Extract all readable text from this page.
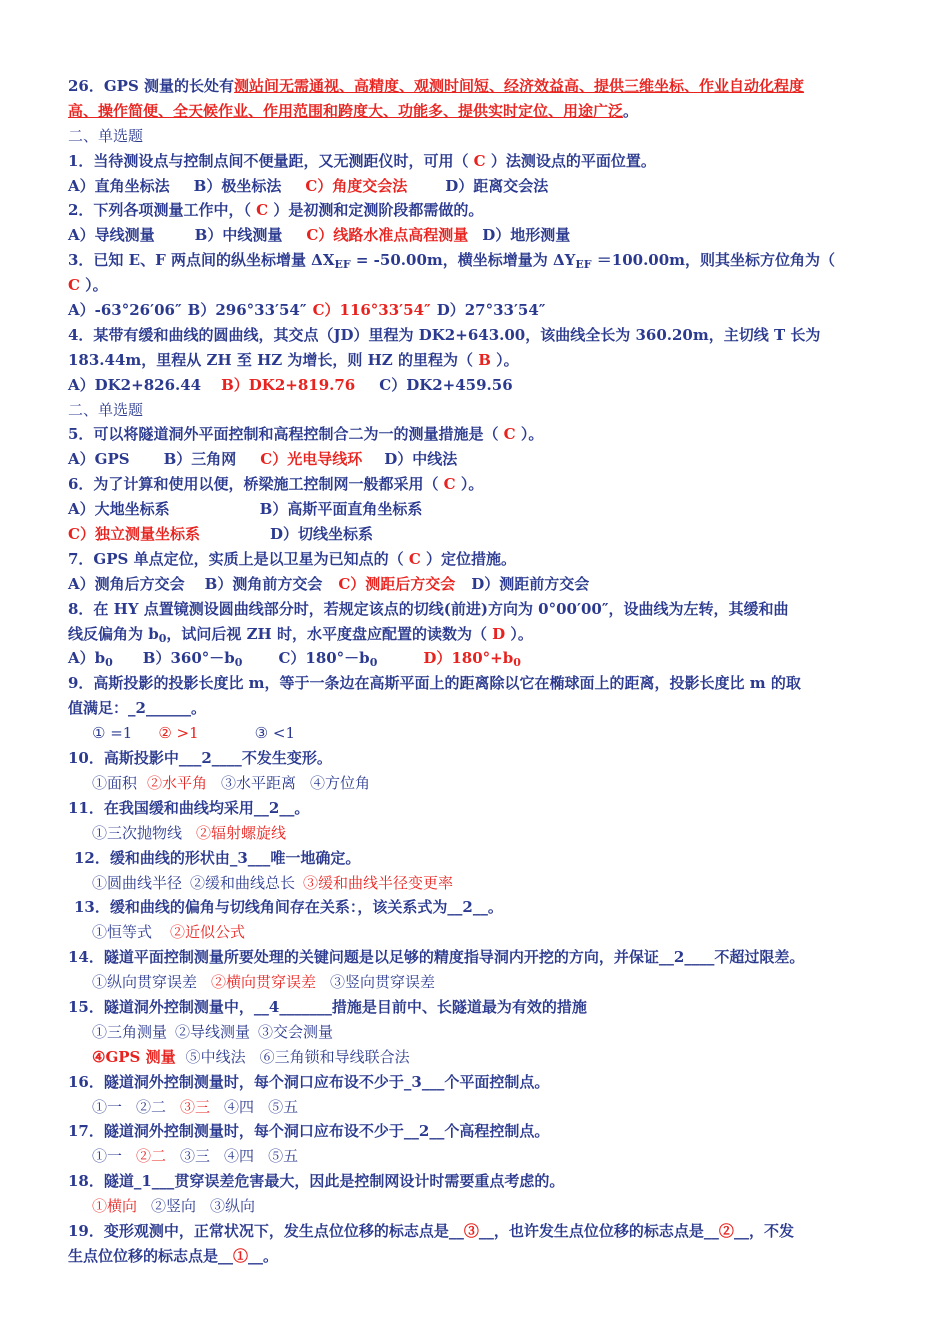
26．GPS 测量的长处有测站间无需通视、高精度、观测时间短、经济效益高、提供三维坐标、作业自动化程度
高、操作简便、全天候作业、作用范围和跨度大、功能多、提供实时定位、用途广泛。
二、单选题
1．当待测设点与控制点间不便量距，又无测距仪时，可用（ C ）法测设点的平面位置。
A）直角坐标法 B）极坐标法 C）角度交会法	D）距离交会法
2．下列各项测量工作中，（ C ）是初测和定测阶段都需做的。
A）导线测量	B）中线测量 C）线路水准点高程测量 D）地形测量
3．已知 E、F 两点间的纵坐标增量 $\Delta X_{EF} = -50.00m$，横坐标增量为 $\Delta Y_{EF} =100.00m$，则其坐标方位角为（
C ）。
A）-63°26′06″ B）296°33′54″ C）116°33′54″ D）27°33′54″
4．某带有缓和曲线的圆曲线，其交点（JD）里程为 DK2+643.00，该曲线全长为 360.20m，主切线 T 长为
183.44m，里程从 ZH 至 HZ 为增长，则 HZ 的里程为（ B ）。
A）DK2+826.44 B）DK2+819.76 C）DK2+459.56
二、单选题
5．可以将隧道洞外平面控制和高程控制合二为一的测量措施是（ C ）。
A）GPS B）三角网 C）光电导线环 D）中线法
6．为了计算和使用以便，桥梁施工控制网一般都采用（ C ）。
A）大地坐标系	B）高斯平面直角坐标系
C）独立测量坐标系	D）切线坐标系
7．GPS 单点定位，实质上是以卫星为已知点的（ C ）定位措施。
A）测角后方交会 B）测角前方交会 C）测距后方交会 D）测距前方交会
8．在 HY 点置镜测设圆曲线部分时，若规定该点的切线(前进)方向为 0°00′00″，设曲线为左转，其缓和曲
线反偏角为 $b_0$，试问后视 ZH 时，水平度盘应配置的读数为（ D ）。
$A)b_0$ $B)360^\circ-b_0$ $C)180^\circ-b_0$	$D)180^\circ+b_0$
9．高斯投影的投影长度比 m，等于一条边在高斯平面上的距离除以它在椭球面上的距离，投影长度比 m 的取
值满足：_2______。
① =1 ② >1	③ <1
10．高斯投影中___2____不发生变形。
①面积 ②水平角 ③水平距离 ④方位角
11．在我国缓和曲线均采用__2__。
①三次抛物线 ②辐射螺旋线
12．缓和曲线的形状由_3___唯一地确定。
①圆曲线半径 ②缓和曲线总长 ③缓和曲线半径变更率
13．缓和曲线的偏角与切线角间存在关系：，该关系式为__2__。
①恒等式 ②近似公式
14．隧道平面控制测量所要处理的关键问题是以足够的精度指导洞内开挖的方向，并保证__2____不超过限差。
①纵向贯穿误差 ②横向贯穿误差 ③竖向贯穿误差
15．隧道洞外控制测量中，__4_______措施是目前中、长隧道最为有效的措施
①三角测量 ②导线测量 ③交会测量
④GPS 测量 ⑤中线法 ⑥三角锁和导线联合法
16．隧道洞外控制测量时，每个洞口应布设不少于_3___个平面控制点。
①一 ②二 ③三 ④四 ⑤五
17．隧道洞外控制测量时，每个洞口应布设不少于__2__个高程控制点。
①一 ②二 ③三 ④四 ⑤五
18．隧道_1___贯穿误差危害最大，因此是控制网设计时需要重点考虑的。
①横向 ②竖向 ③纵向
19．变形观测中，正常状况下，发生点位位移的标志点是__③__，也许发生点位位移的标志点是__②__，不发
生点位位移的标志点是__①__。
